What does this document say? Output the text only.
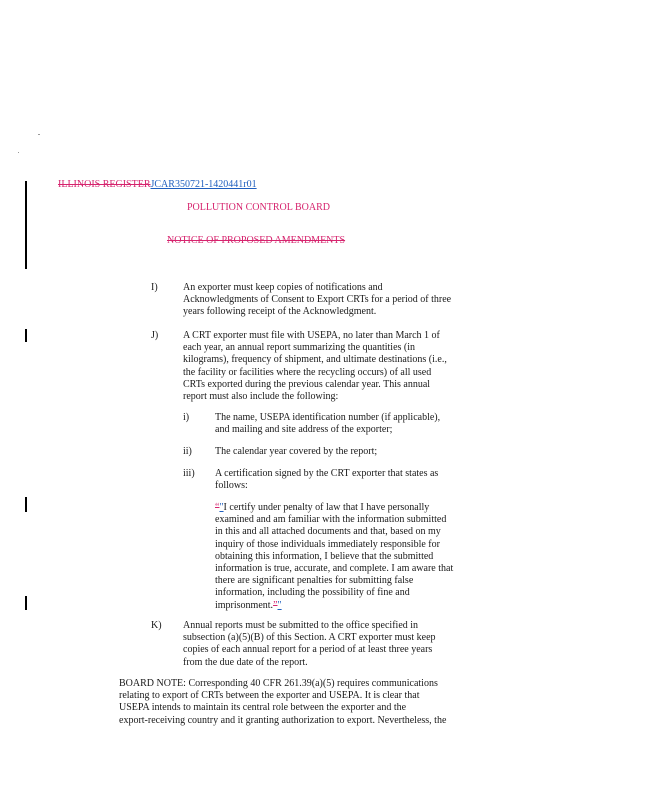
ILLINOIS REGISTERJCAR350721-1420441r01
POLLUTION CONTROL BOARD
NOTICE OF PROPOSED AMENDMENTS
I)	An exporter must keep copies of notifications and
Acknowledgments of Consent to Export CRTs for a period of three
years following receipt of the Acknowledgment.
J) A CRT exporter must file with USEPA, no later than March 1 of
each year, an annual report summarizing the quantities (in
kilograms), frequency of shipment, and ultimate destinations (i.e.,
the facility or facilities where the recycling occurs) of all used
CRTs exported during the previous calendar year. This annual
report must also include the following:
i)	The name, USEPA identification number (if applicable),
and mailing and site address of the exporter;
ii) The calendar year covered by the report;
iii) A certification signed by the CRT exporter that states as
follows:
“"I certify under penalty of law that I have personally
examined and am familiar with the information submitted
in this and all attached documents and that, based on my
inquiry of those individuals immediately responsible for
obtaining this information, I believe that the submitted
information is true, accurate, and complete. I am aware that
there are significant penalties for submitting false
information, including the possibility of fine and
imprisonment.”"
K) Annual reports must be submitted to the office specified in
subsection (a)(5)(B) of this Section. A CRT exporter must keep
copies of each annual report for a period of at least three years
from the due date of the report.
BOARD NOTE: Corresponding 40 CFR 261.39(a)(5) requires communications
relating to export of CRTs between the exporter and USEPA. It is clear that
USEPA intends to maintain its central role between the exporter and the
export-receiving country and it granting authorization to export. Nevertheless, the
